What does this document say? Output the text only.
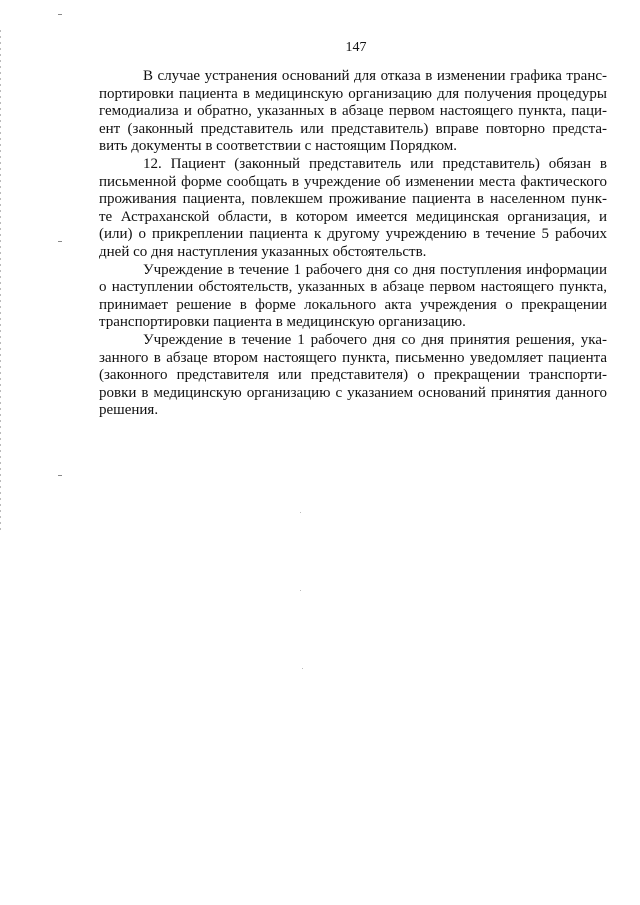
147

В случае устранения оснований для отказа в изменении графика транс-
портировки пациента в медицинскую организацию для получения процедуры
гемодиализа и обратно, указанных в абзаце первом настоящего пункта, паци-
ент (законный представитель или представитель) вправе повторно предста-
вить документы в соответствии с настоящим Порядком.

12. Пациент (законный представитель или представитель) обязан в
письменной форме сообщать в учреждение об изменении места фактического
проживания пациента, повлекшем проживание пациента в населенном пунк-
те Астраханской области, в котором имеется медицинская организация, и
(или) о прикреплении пациента к другому учреждению в течение 5 рабочих
дней со дня наступления указанных обстоятельств.

Учреждение в течение 1 рабочего дня со дня поступления информации
о наступлении обстоятельств, указанных в абзаце первом настоящего пункта,
принимает решение в форме локального акта учреждения о прекращении
транспортировки пациента в медицинскую организацию.

Учреждение в течение 1 рабочего дня со дня принятия решения, ука-
занного в абзаце втором настоящего пункта, письменно уведомляет пациента
(законного представителя или представителя) о прекращении транспорти-
ровки в медицинскую организацию с указанием оснований принятия данного
решения.
